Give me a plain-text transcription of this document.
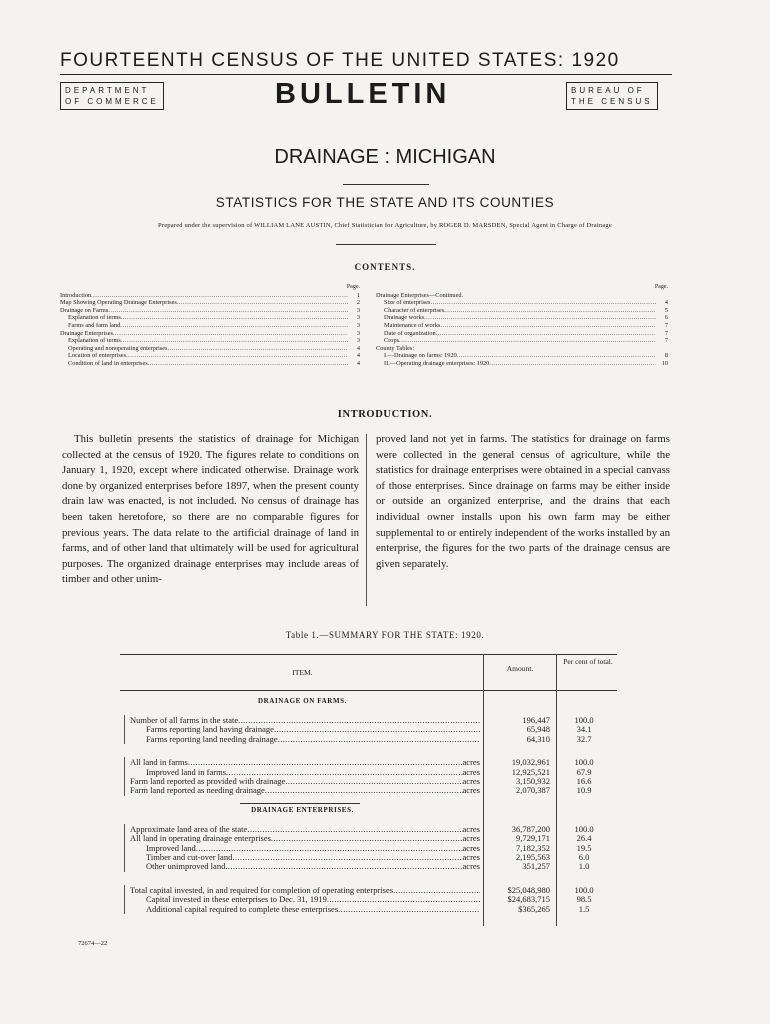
FOURTEENTH CENSUS OF THE UNITED STATES: 1920
DEPARTMENT
OF COMMERCE	BULLETIN	BUREAU OF
THE CENSUS
DRAINAGE : MICHIGAN
STATISTICS FOR THE STATE AND ITS COUNTIES
Prepared under the supervision of WILLIAM LANE AUSTIN, Chief Statistician for Agriculture, by ROGER D. MARSDEN, Special Agent in Charge of Drainage
CONTENTS.
Page.
Introduction .....	1
Map Showing Operating Drainage Enterprises .....	2
Drainage on Farms .....	3
Explanation of terms .....	3
Farms and farm land .....	3
Drainage Enterprises .....	3
Explanation of terms .....	3
Operating and nonoperating enterprises .....	4
Location of enterprises .....	4
Condition of land in enterprises .....	4
Page.
Drainage Enterprises—Continued.
Size of enterprises .....	4
Character of enterprises .....	5
Drainage works .....	6
Maintenance of works .....	7
Date of organization .....	7
Crops .....	7
County Tables:
I.—Drainage on farms: 1920 .....	8
II.—Operating drainage enterprises: 1920 .....	10
INTRODUCTION.

This bulletin presents the statistics of drainage for Michigan collected at the census of 1920. The figures relate to conditions on January 1, 1920, except where indicated otherwise. Drainage work done by organized enterprises before 1897, when the present county drain law was enacted, is not included. No census of drainage has been taken heretofore, so there are no comparable figures for previous years. The data relate to the artificial drainage of land in farms, and of other land that ultimately will be used for agricultural purposes. The organized drainage enterprises may include areas of timber and other unim-

proved land not yet in farms. The statistics for drainage on farms were collected in the general census of agriculture, while the statistics for drainage enterprises were obtained in a special canvass of those enterprises. Since drainage on farms may be either inside or outside an organized enterprise, and the drains that each individual owner installs upon his own farm may be either supplemental to or entirely independent of the works installed by an enterprise, the figures for the two parts of the drainage census are given separately.

Table 1.—SUMMARY FOR THE STATE: 1920.
ITEM.	Amount.
Per cent of total.
DRAINAGE ON FARMS.
Number of all farms in the state .....	196,447	100.0
Farms reporting land having drainage .....	65,948	34.1
Farms reporting land needing drainage .....	64,310	32.7
All land in farms .....	acres	19,032,961	100.0
Improved land in farms .....	acres	12,925,521	67.9
Farm land reported as provided with drainage .....	acres	3,150,932	16.6
Farm land reported as needing drainage .....	acres	2,070,387	10.9
DRAINAGE ENTERPRISES.
Approximate land area of the state .....	acres	36,787,200	100.0
All land in operating drainage enterprises .....	acres	9,729,171	26.4
Improved land .....	acres	7,182,352	19.5
Timber and cut-over land .....	acres	2,195,563	6.0
Other unimproved land .....	acres	351,257	1.0
Total capital invested, in and required for completion of operating enterprises .....	$25,048,980	100.0
Capital invested in these enterprises to Dec. 31, 1919 .....	$24,683,715	98.5
Additional capital required to complete these enterprises .....	$365,265	1.5
72674—22
